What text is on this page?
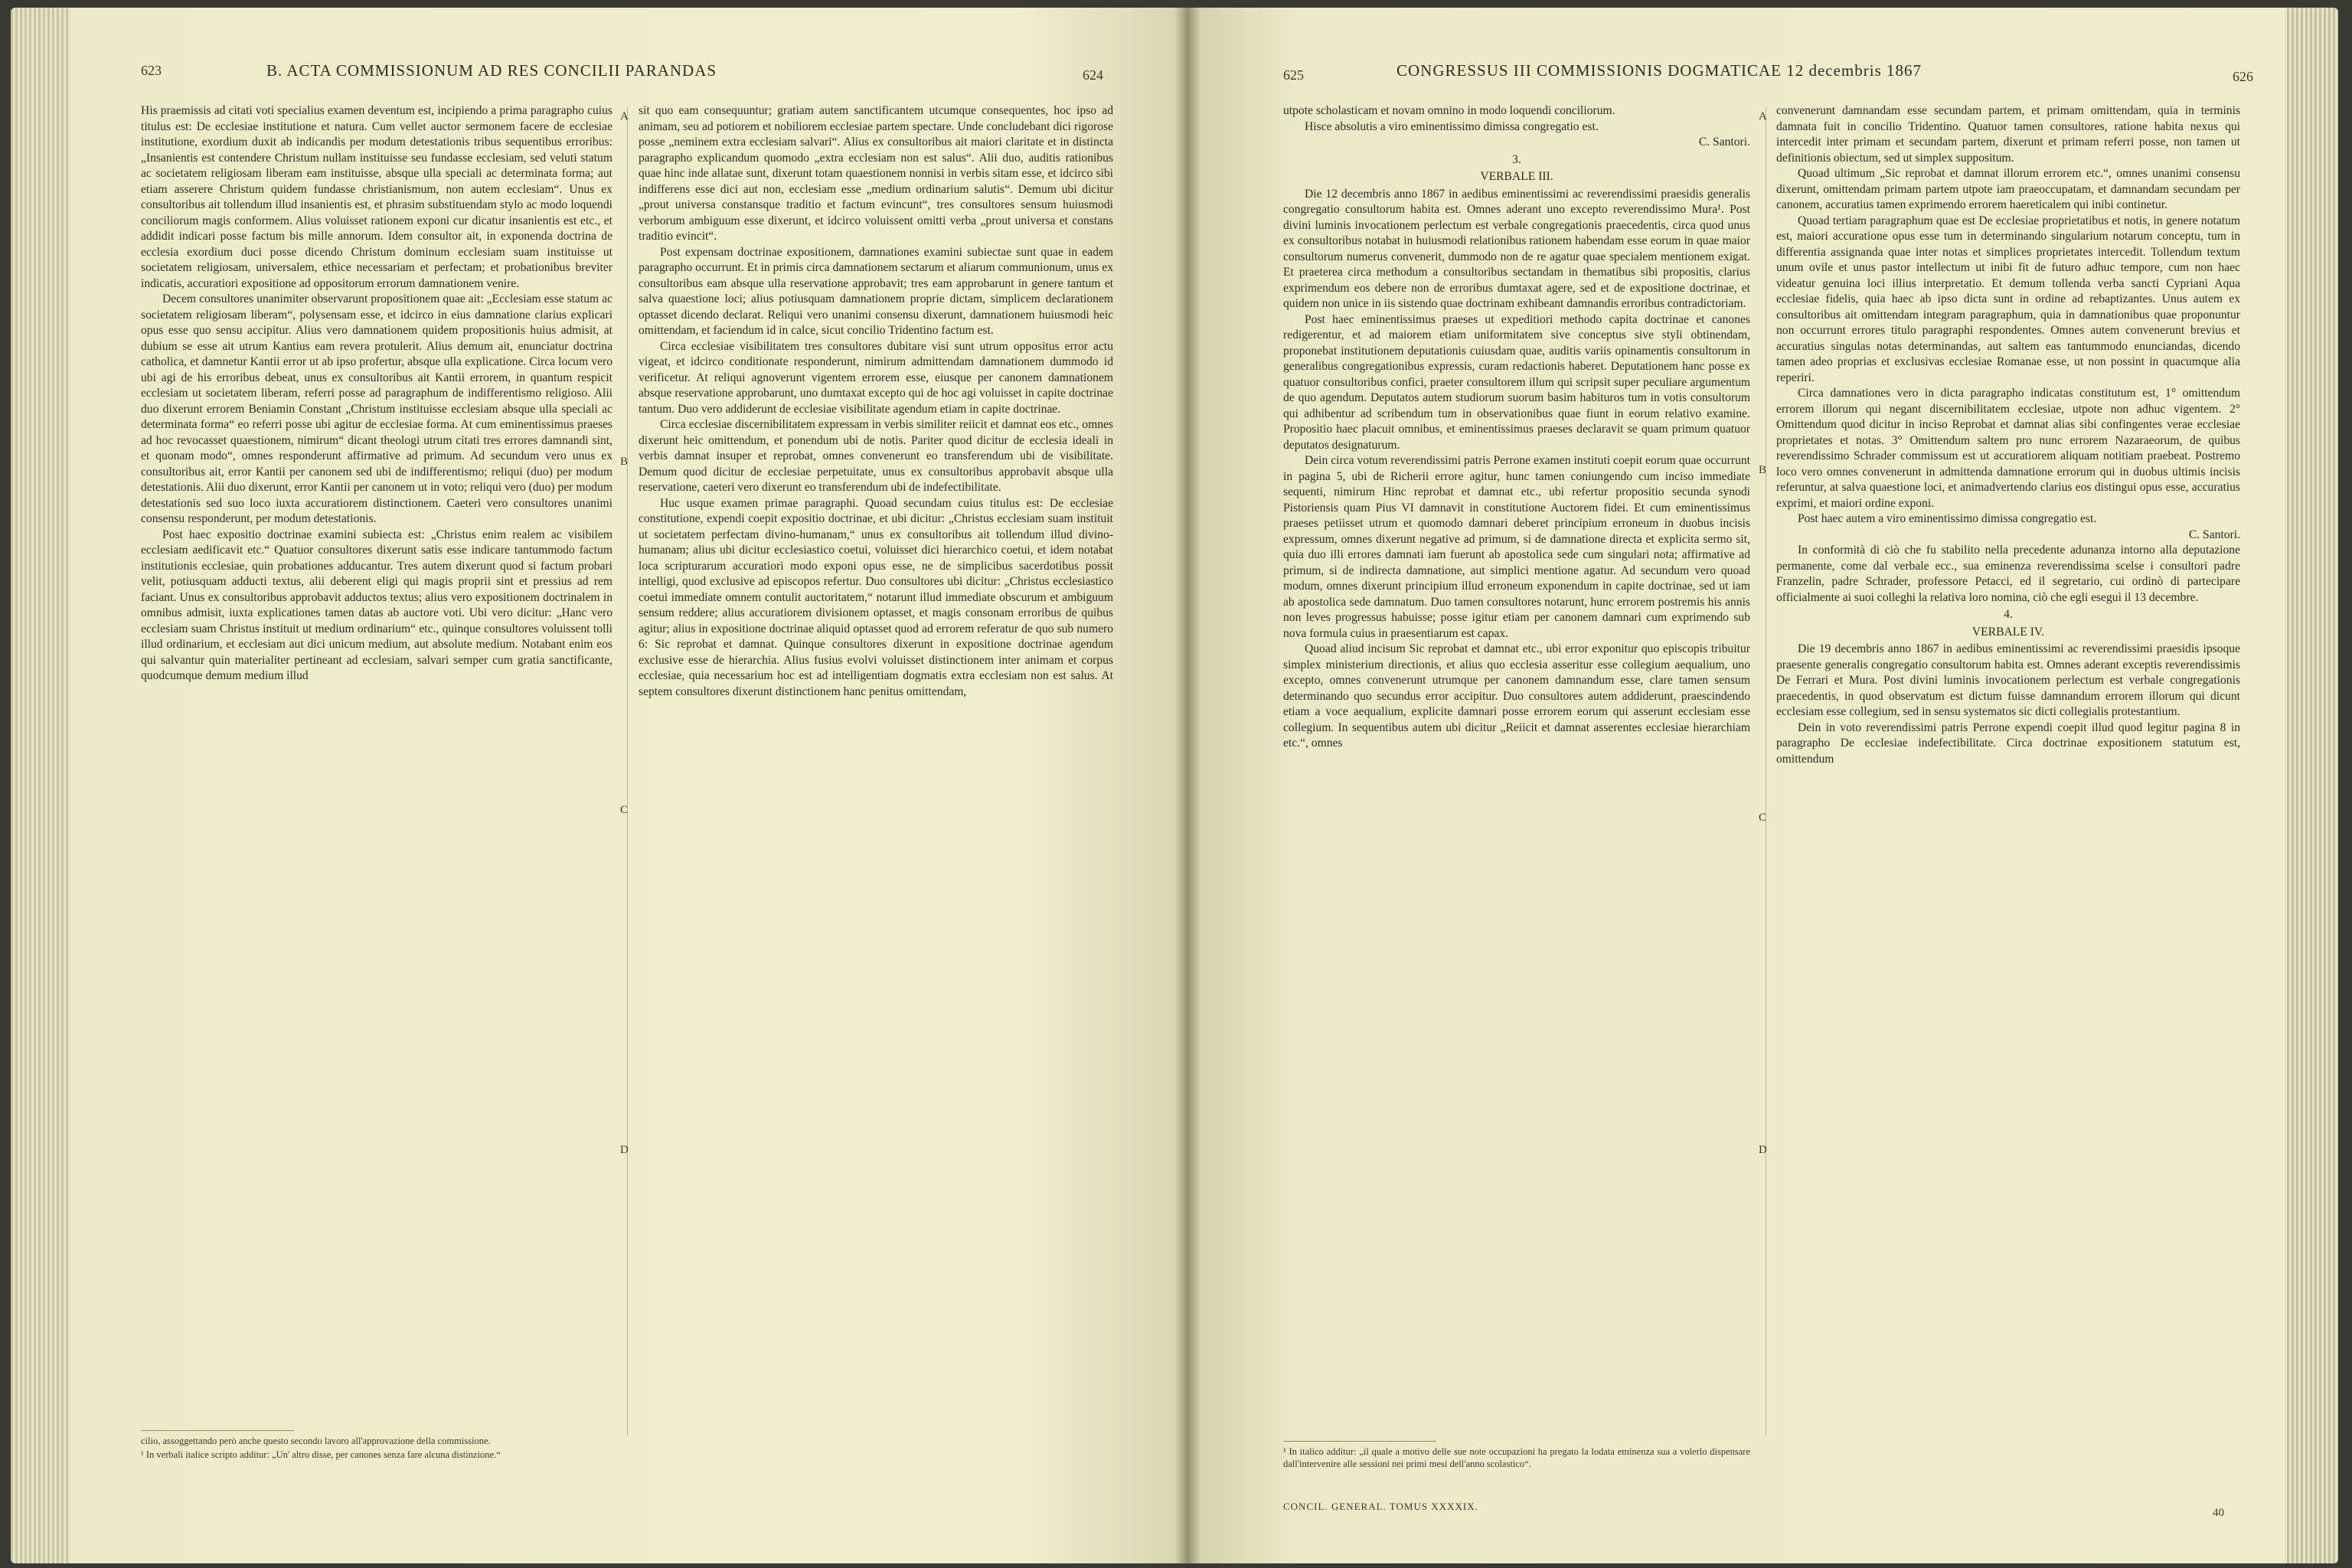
623	B. ACTA COMMISSIONUM AD RES CONCILII PARANDAS	624

His praemissis ad citati voti specialius examen deventum est, incipiendo a prima paragrapho cuius titulus est: De ecclesiae institutione et natura. Cum vellet auctor sermonem facere de ecclesiae institutione, exordium duxit ab indicandis per modum detestationis tribus sequentibus erroribus: „Insanientis est contendere Christum nullam instituisse seu fundasse ecclesiam, sed veluti statum ac societatem religiosam liberam eam instituisse, absque ulla speciali ac determinata forma; aut etiam asserere Christum quidem fundasse christianismum, non autem ecclesiam“. Unus ex consultoribus ait tollendum illud insanientis est, et phrasim substituendam stylo ac modo loquendi conciliorum magis conformem. Alius voluisset rationem exponi cur dicatur insanientis est etc., et addidit indicari posse factum bis mille annorum. Idem consultor ait, in exponenda doctrina de ecclesia exordium duci posse dicendo Christum dominum ecclesiam suam instituisse ut societatem religiosam, universalem, ethice necessariam et perfectam; et probationibus breviter indicatis, accuratiori expositione ad oppositorum errorum damnationem venire.

Decem consultores unanimiter observarunt propositionem quae ait: „Ecclesiam esse statum ac societatem religiosam liberam“, polysensam esse, et idcirco in eius damnatione clarius explicari opus esse quo sensu accipitur. Alius vero damnationem quidem propositionis huius admisit, at dubium se esse ait utrum Kantius eam revera protulerit. Alius demum ait, enunciatur doctrina catholica, et damnetur Kantii error ut ab ipso profertur, absque ulla explicatione. Circa locum vero ubi agi de his erroribus debeat, unus ex consultoribus ait Kantii errorem, in quantum respicit ecclesiam ut societatem liberam, referri posse ad paragraphum de indifferentismo religioso. Alii duo dixerunt errorem Beniamin Constant „Christum instituisse ecclesiam absque ulla speciali ac determinata forma“ eo referri posse ubi agitur de ecclesiae forma. At cum eminentissimus praeses ad hoc revocasset quaestionem, nimirum“ dicant theologi utrum citati tres errores damnandi sint, et quonam modo“, omnes responderunt affirmative ad primum. Ad secundum vero unus ex consultoribus ait, error Kantii per canonem sed ubi de indifferentismo; reliqui (duo) per modum detestationis. Alii duo dixerunt, error Kantii per canonem ut in voto; reliqui vero (duo) per modum detestationis sed suo loco iuxta accuratiorem distinctionem. Caeteri vero consultores unanimi consensu responderunt, per modum detestationis.

Post haec expositio doctrinae examini subiecta est: „Christus enim realem ac visibilem ecclesiam aedificavit etc.“ Quatuor consultores dixerunt satis esse indicare tantummodo factum institutionis ecclesiae, quin probationes adducantur. Tres autem dixerunt quod si factum probari velit, potiusquam adducti textus, alii deberent eligi qui magis proprii sint et pressius ad rem faciant. Unus ex consultoribus approbavit adductos textus; alius vero expositionem doctrinalem in omnibus admisit, iuxta explicationes tamen datas ab auctore voti. Ubi vero dicitur: „Hanc vero ecclesiam suam Christus instituit ut medium ordinarium“ etc., quinque consultores voluissent tolli illud ordinarium, et ecclesiam aut dici unicum medium, aut absolute medium. Notabant enim eos qui salvantur quin materialiter pertineant ad ecclesiam, salvari semper cum gratia sanctificante, quodcumque demum medium illud

A
B
C
D

sit quo eam consequuntur; gratiam autem sanctificantem utcumque consequentes, hoc ipso ad animam, seu ad potiorem et nobiliorem ecclesiae partem spectare. Unde concludebant dici rigorose posse „neminem extra ecclesiam salvari“. Alius ex consultoribus ait maiori claritate et in distincta paragrapho explicandum quomodo „extra ecclesiam non est salus“. Alii duo, auditis rationibus quae hinc inde allatae sunt, dixerunt totam quaestionem nonnisi in verbis sitam esse, et idcirco sibi indifferens esse dici aut non, ecclesiam esse „medium ordinarium salutis“. Demum ubi dicitur „prout universa constansque traditio et factum evincunt“, tres consultores sensum huiusmodi verborum ambiguum esse dixerunt, et idcirco voluissent omitti verba „prout universa et constans traditio evincit“.

Post expensam doctrinae expositionem, damnationes examini subiectae sunt quae in eadem paragrapho occurrunt. Et in primis circa damnationem sectarum et aliarum communionum, unus ex consultoribus eam absque ulla reservatione approbavit; tres eam approbarunt in genere tantum et salva quaestione loci; alius potiusquam damnationem proprie dictam, simplicem declarationem optasset dicendo declarat. Reliqui vero unanimi consensu dixerunt, damnationem huiusmodi heic omittendam, et faciendum id in calce, sicut concilio Tridentino factum est.

Circa ecclesiae visibilitatem tres consultores dubitare visi sunt utrum oppositus error actu vigeat, et idcirco conditionate responderunt, nimirum admittendam damnationem dummodo id verificetur. At reliqui agnoverunt vigentem errorem esse, eiusque per canonem damnationem absque reservatione approbarunt, uno dumtaxat excepto qui de hoc agi voluisset in capite doctrinae tantum. Duo vero addiderunt de ecclesiae visibilitate agendum etiam in capite doctrinae.

Circa ecclesiae discernibilitatem expressam in verbis similiter reiicit et damnat eos etc., omnes dixerunt heic omittendum, et ponendum ubi de notis. Pariter quod dicitur de ecclesia ideali in verbis damnat insuper et reprobat, omnes convenerunt eo transferendum ubi de visibilitate. Demum quod dicitur de ecclesiae perpetuitate, unus ex consultoribus approbavit absque ulla reservatione, caeteri vero dixerunt eo transferendum ubi de indefectibilitate.

Huc usque examen primae paragraphi. Quoad secundam cuius titulus est: De ecclesiae constitutione, expendi coepit expositio doctrinae, et ubi dicitur: „Christus ecclesiam suam instituit ut societatem perfectam divino-humanam,“ unus ex consultoribus ait tollendum illud divino-humanam; alius ubi dicitur ecclesiastico coetui, voluisset dici hierarchico coetui, et idem notabat loca scripturarum accuratiori modo exponi opus esse, ne de simplicibus sacerdotibus possit intelligi, quod exclusive ad episcopos refertur. Duo consultores ubi dicitur: „Christus ecclesiastico coetui immediate omnem contulit auctoritatem,“ notarunt illud immediate obscurum et ambiguum sensum reddere; alius accuratiorem divisionem optasset, et magis consonam erroribus de quibus agitur; alius in expositione doctrinae aliquid optasset quod ad errorem referatur de quo sub numero 6: Sic reprobat et damnat. Quinque consultores dixerunt in expositione doctrinae agendum exclusive esse de hierarchia. Alius fusius evolvi voluisset distinctionem inter animam et corpus ecclesiae, quia necessarium hoc est ad intelligentiam dogmatis extra ecclesiam non est salus. At septem consultores dixerunt distinctionem hanc penitus omittendam,

cilio, assoggettando però anche questo secondo lavoro all'approvazione della commissione.

¹ In verbali italice scripto additur: „Un' altro disse, per canones senza fare alcuna distinzione.“

625	CONGRESSUS III COMMISSIONIS DOGMATICAE 12 decembris 1867	626

utpote scholasticam et novam omnino in modo loquendi conciliorum.

Hisce absolutis a viro eminentissimo dimissa congregatio est.

C. Santori.

3.

VERBALE III.

Die 12 decembris anno 1867 in aedibus eminentissimi ac reverendissimi praesidis generalis congregatio consultorum habita est. Omnes aderant uno excepto reverendissimo Mura¹. Post divini luminis invocationem perlectum est verbale congregationis praecedentis, circa quod unus ex consultoribus notabat in huiusmodi relationibus rationem habendam esse eorum in quae maior consultorum numerus convenerit, dummodo non de re agatur quae specialem mentionem exigat. Et praeterea circa methodum a consultoribus sectandam in thematibus sibi propositis, clarius exprimendum eos debere non de erroribus dumtaxat agere, sed et de expositione doctrinae, et quidem non unice in iis sistendo quae doctrinam exhibeant damnandis erroribus contradictoriam.

Post haec eminentissimus praeses ut expeditiori methodo capita doctrinae et canones redigerentur, et ad maiorem etiam uniformitatem sive conceptus sive styli obtinendam, proponebat institutionem deputationis cuiusdam quae, auditis variis opinamentis consultorum in generalibus congregationibus expressis, curam redactionis haberet. Deputationem hanc posse ex quatuor consultoribus confici, praeter consultorem illum qui scripsit super peculiare argumentum de quo agendum. Deputatos autem studiorum suorum basim habituros tum in votis consultorum qui adhibentur ad scribendum tum in observationibus quae fiunt in eorum relativo examine. Propositio haec placuit omnibus, et eminentissimus praeses declaravit se quam primum quatuor deputatos designaturum.

Dein circa votum reverendissimi patris Perrone examen instituti coepit eorum quae occurrunt in pagina 5, ubi de Richerii errore agitur, hunc tamen coniungendo cum inciso immediate sequenti, nimirum Hinc reprobat et damnat etc., ubi refertur propositio secunda synodi Pistoriensis quam Pius VI damnavit in constitutione Auctorem fidei. Et cum eminentissimus praeses petiisset utrum et quomodo damnari deberet principium erroneum in duobus incisis expressum, omnes dixerunt negative ad primum, si de damnatione directa et explicita sermo sit, quia duo illi errores damnati iam fuerunt ab apostolica sede cum singulari nota; affirmative ad primum, si de indirecta damnatione, aut simplici mentione agatur. Ad secundum vero quoad modum, omnes dixerunt principium illud erroneum exponendum in capite doctrinae, sed ut iam ab apostolica sede damnatum. Duo tamen consultores notarunt, hunc errorem postremis his annis non leves progressus habuisse; posse igitur etiam per canonem damnari cum exprimendo sub nova formula cuius in praesentiarum est capax.

Quoad aliud incisum Sic reprobat et damnat etc., ubi error exponitur quo episcopis tribuitur simplex ministerium directionis, et alius quo ecclesia asseritur esse collegium aequalium, uno excepto, omnes convenerunt utrumque per canonem damnandum esse, clare tamen sensum determinando quo secundus error accipitur. Duo consultores autem addiderunt, praescindendo etiam a voce aequalium, explicite damnari posse errorem eorum qui asserunt ecclesiam esse collegium. In sequentibus autem ubi dicitur „Reiicit et damnat asserentes ecclesiae hierarchiam etc.“, omnes

A
B
C
D

convenerunt damnandam esse secundam partem, et primam omittendam, quia in terminis damnata fuit in concilio Tridentino. Quatuor tamen consultores, ratione habita nexus qui intercedit inter primam et secundam partem, dixerunt et primam referri posse, non tamen ut definitionis obiectum, sed ut simplex suppositum.

Quoad ultimum „Sic reprobat et damnat illorum errorem etc.“, omnes unanimi consensu dixerunt, omittendam primam partem utpote iam praeoccupatam, et damnandam secundam per canonem, accuratius tamen exprimendo errorem haereticalem qui inibi continetur.

Quoad tertiam paragraphum quae est De ecclesiae proprietatibus et notis, in genere notatum est, maiori accuratione opus esse tum in determinando singularium notarum conceptu, tum in differentia assignanda quae inter notas et simplices proprietates intercedit. Tollendum textum unum ovile et unus pastor intellectum ut inibi fit de futuro adhuc tempore, cum non haec videatur genuina loci illius interpretatio. Et demum tollenda verba sancti Cypriani Aqua ecclesiae fidelis, quia haec ab ipso dicta sunt in ordine ad rebaptizantes. Unus autem ex consultoribus ait omittendam integram paragraphum, quia in damnationibus quae proponuntur non occurrunt errores titulo paragraphi respondentes. Omnes autem convenerunt brevius et accuratius singulas notas determinandas, aut saltem eas tantummodo enunciandas, dicendo tamen adeo proprias et exclusivas ecclesiae Romanae esse, ut non possint in quacumque alia reperiri.

Circa damnationes vero in dicta paragrapho indicatas constitutum est, 1° omittendum errorem illorum qui negant discernibilitatem ecclesiae, utpote non adhuc vigentem. 2° Omittendum quod dicitur in inciso Reprobat et damnat alias sibi confingentes verae ecclesiae proprietates et notas. 3° Omittendum saltem pro nunc errorem Nazaraeorum, de quibus reverendissimo Schrader commissum est ut accuratiorem aliquam notitiam praebeat. Postremo loco vero omnes convenerunt in admittenda damnatione errorum qui in duobus ultimis incisis referuntur, at salva quaestione loci, et animadvertendo clarius eos distingui opus esse, accuratius exprimi, et maiori ordine exponi.

Post haec autem a viro eminentissimo dimissa congregatio est.

C. Santori.

In conformità di ciò che fu stabilito nella precedente adunanza intorno alla deputazione permanente, come dal verbale ecc., sua eminenza reverendissima scelse i consultori padre Franzelin, padre Schrader, professore Petacci, ed il segretario, cui ordinò di partecipare officialmente ai suoi colleghi la relativa loro nomina, ciò che egli eseguì il 13 decembre.

4.

VERBALE IV.

Die 19 decembris anno 1867 in aedibus eminentissimi ac reverendissimi praesidis ipsoque praesente generalis congregatio consultorum habita est. Omnes aderant exceptis reverendissimis De Ferrari et Mura. Post divini luminis invocationem perlectum est verbale congregationis praecedentis, in quod observatum est dictum fuisse damnandum errorem illorum qui dicunt ecclesiam esse collegium, sed in sensu systematos sic dicti collegialis protestantium.

Dein in voto reverendissimi patris Perrone expendi coepit illud quod legitur pagina 8 in paragrapho De ecclesiae indefectibilitate. Circa doctrinae expositionem statutum est, omittendum

¹ In italico additur: „il quale a motivo delle sue note occupazioni ha pregato la lodata eminenza sua a volerlo dispensare dall'intervenire alle sessioni nei primi mesi dell'anno scolastico“.

CONCIL. GENERAL. TOMUS XXXXIX.
40
